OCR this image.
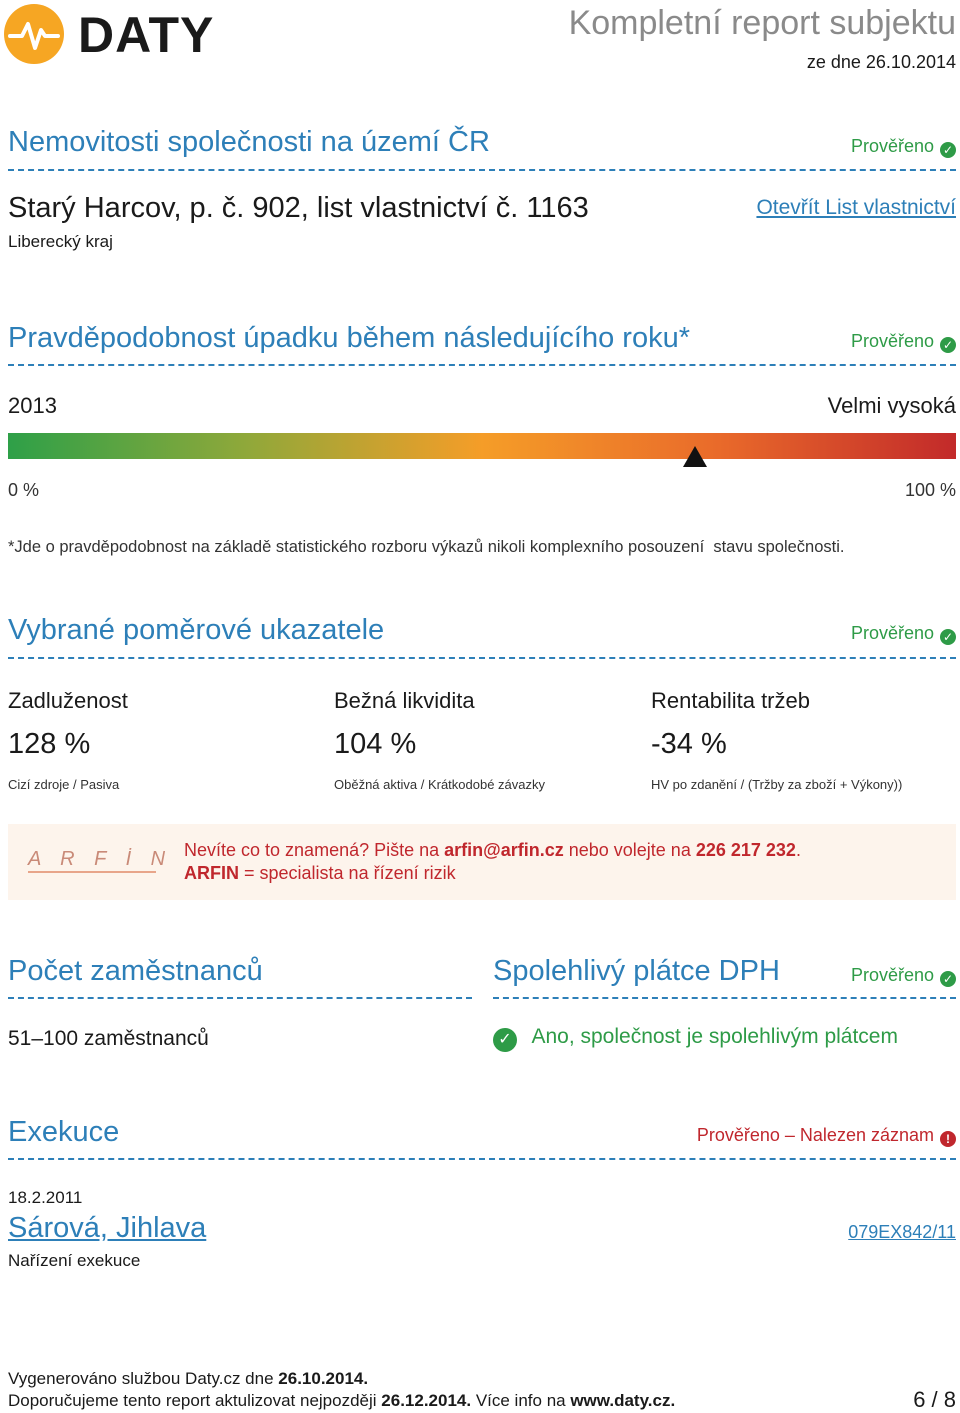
DATY	Kompletní report subjektu
ze dne 26.10.2014
Nemovitosti společnosti na území ČR	Prověřeno ✓
Starý Harcov, p. č. 902, list vlastnictví č. 1163
Liberecký kraj
Otevřít List vlastnictví
Pravděpodobnost úpadku během následujícího roku*	Prověřeno ✓
2013	Velmi vysoká
0 %	100 %
*Jde o pravděpodobnost na základě statistického rozboru výkazů nikoli komplexního posouzení  stavu společnosti.
Vybrané poměrové ukazatele	Prověřeno ✓
Zadluženost
128 %
Cizí zdroje / Pasiva
Bežná likvidita
104 %
Oběžná aktiva / Krátkodobé závazky
Rentabilita tržeb
-34 %
HV po zdanění / (Tržby za zboží + Výkony))
A R F İ N Nevíte co to znamená? Pište na arfin@arfin.cz nebo volejte na 226 217 232.
ARFIN = specialista na řízení rizik
Počet zaměstnanců
51–100 zaměstnanců
Spolehlivý plátce DPH	Prověřeno ✓
✓ Ano, společnost je spolehlivým plátcem
Exekuce	Prověřeno – Nalezen záznam !
18.2.2011
Sárová, Jihlava	079EX842/11
Nařízení exekuce
Vygenerováno službou Daty.cz dne 26.10.2014.
Doporučujeme tento report aktulizovat nejpozději 26.12.2014. Více info na www.daty.cz.	6 / 8
